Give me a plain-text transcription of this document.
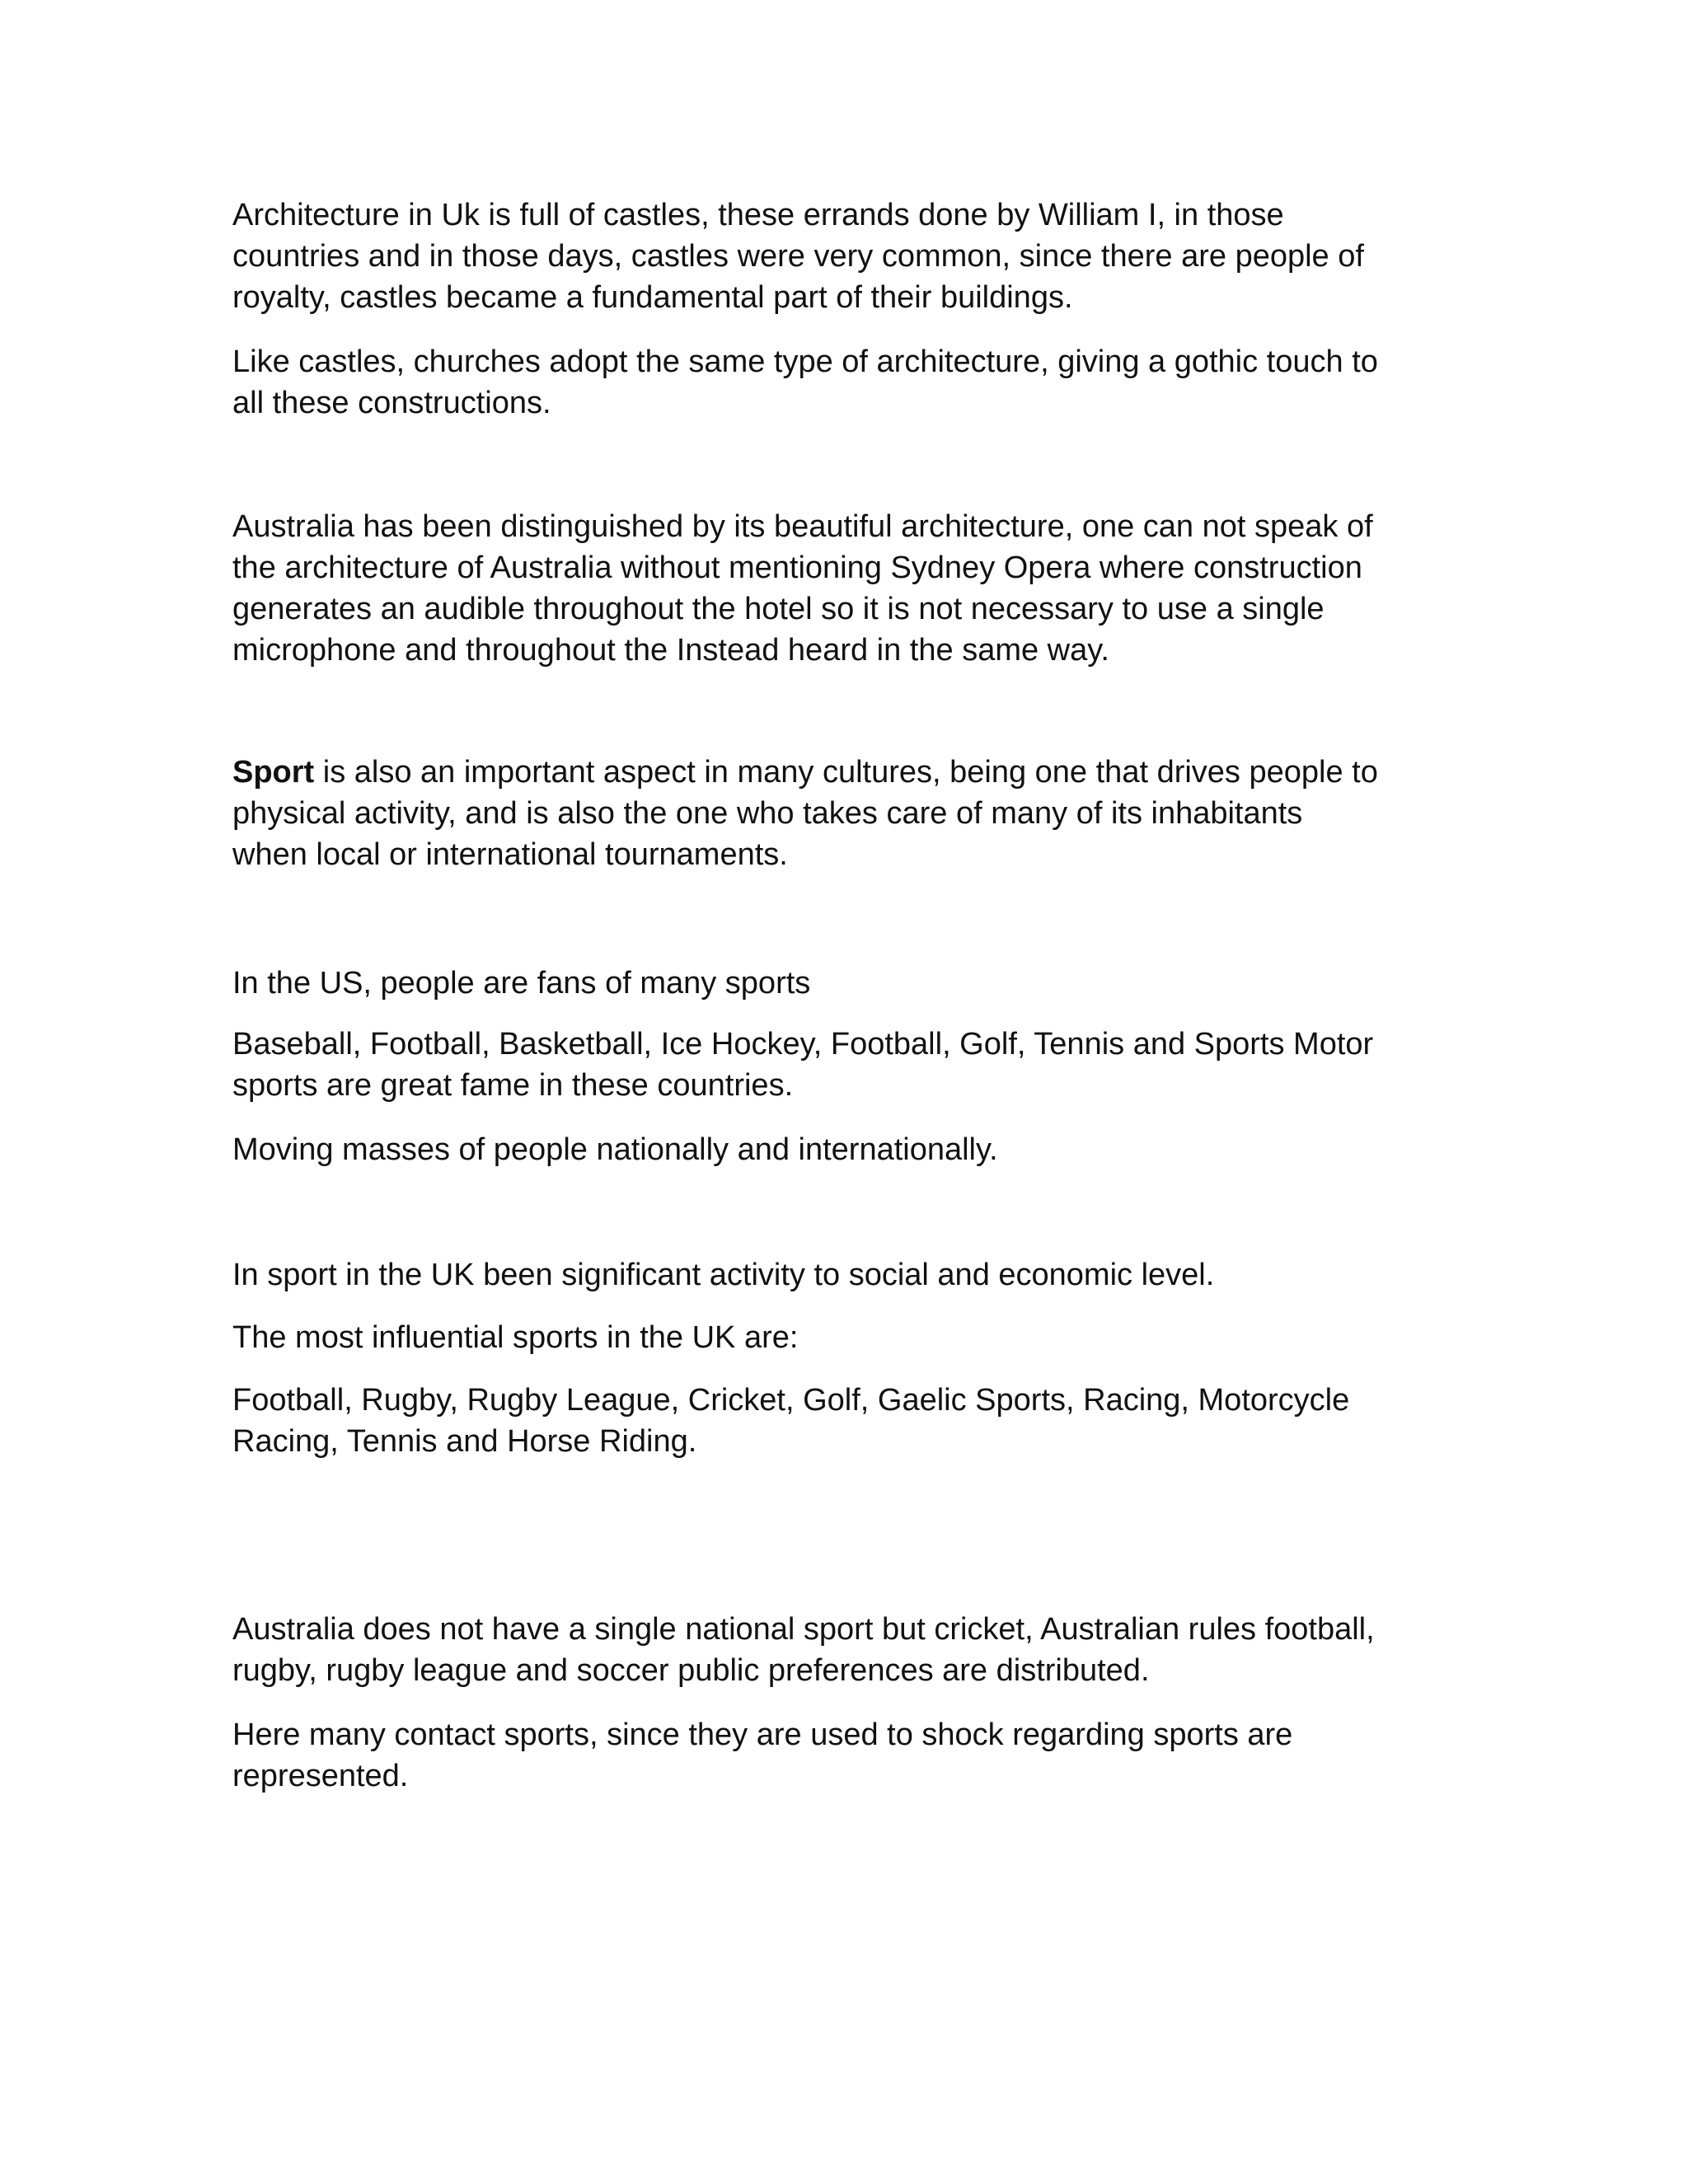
Architecture in Uk is full of castles, these errands done by William I, in those
countries and in those days, castles were very common, since there are people of
royalty, castles became a fundamental part of their buildings.

Like castles, churches adopt the same type of architecture, giving a gothic touch to
all these constructions.

Australia has been distinguished by its beautiful architecture, one can not speak of
the architecture of Australia without mentioning Sydney Opera where construction
generates an audible throughout the hotel so it is not necessary to use a single
microphone and throughout the Instead heard in the same way.

Sport is also an important aspect in many cultures, being one that drives people to
physical activity, and is also the one who takes care of many of its inhabitants
when local or international tournaments.

In the US, people are fans of many sports

Baseball, Football, Basketball, Ice Hockey, Football, Golf, Tennis and Sports Motor
sports are great fame in these countries.

Moving masses of people nationally and internationally.

In sport in the UK been significant activity to social and economic level.

The most influential sports in the UK are:

Football, Rugby, Rugby League, Cricket, Golf, Gaelic Sports, Racing, Motorcycle
Racing, Tennis and Horse Riding.

Australia does not have a single national sport but cricket, Australian rules football,
rugby, rugby league and soccer public preferences are distributed.

Here many contact sports, since they are used to shock regarding sports are
represented.
